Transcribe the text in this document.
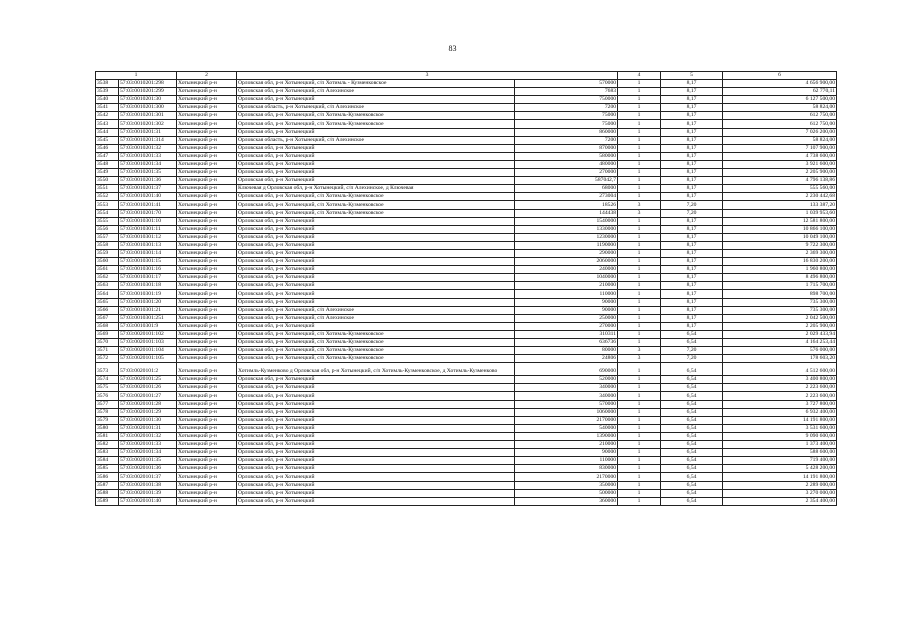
83
1		2	3		4	5	6	
3538	57:03:0010201:298	Хотынецкий р-н	Орловская обл, р-н Хотынецкий, с/п Хотимль - Кузменковское	570000	1	8,17	4 656 900,00	
3539	57:03:0010201:299	Хотынецкий р-н	Орловская обл, р-н Хотынецкий, с/п Алехинское	7683	1	8,17	62 770,11	
3540	57:03:0010201:30	Хотынецкий р-н	Орловская обл, р-н Хотынецкий	750000	1	8,17	6 127 500,00	
3541	57:03:0010201:300	Хотынецкий р-н	Орловская область, р-н Хотынецкий, с/п Алехинское	7200	1	8,17	58 824,00	
3542	57:03:0010201:301	Хотынецкий р-н	Орловская обл, р-н Хотынецкий, с/п Хотимль-Кузменковское	75000	1	8,17	612 750,00	
3543	57:03:0010201:302	Хотынецкий р-н	Орловская обл, р-н Хотынецкий, с/п Хотимль-Кузменковское	75000	1	8,17	612 750,00	
3544	57:03:0010201:31	Хотынецкий р-н	Орловская обл, р-н Хотынецкий	860000	1	8,17	7 026 200,00	
3545	57:03:0010201:314	Хотынецкий р-н	Орловская область, р-н Хотынецкий, с/п Алехинское	7200	1	8,17	58 824,00	
3546	57:03:0010201:32	Хотынецкий р-н	Орловская обл, р-н Хотынецкий	870000	1	8,17	7 107 900,00	
3547	57:03:0010201:33	Хотынецкий р-н	Орловская обл, р-н Хотынецкий	580000	1	8,17	4 738 600,00	
3548	57:03:0010201:34	Хотынецкий р-н	Орловская обл, р-н Хотынецкий	480000	1	8,17	3 921 600,00	
3549	57:03:0010201:35	Хотынецкий р-н	Орловская обл, р-н Хотынецкий	270000	1	8,17	2 205 900,00	
3550	57:03:0010201:36	Хотынецкий р-н	Орловская обл, р-н Хотынецкий	587042,7	1	8,17	4 796 138,86	
3551	57:03:0010201:37	Хотынецкий р-н	Ключевая д Орловская обл, р-н Хотынецкий, с/п Алехинское, д Ключевая	68000	1	8,17	555 560,00	
3552	57:03:0010201:40	Хотынецкий р-н	Орловская обл, р-н Хотынецкий, с/п Хотимль-Кузменковское	273004	1	8,17	2 230 442,68	
3553	57:03:0010201:41	Хотынецкий р-н	Орловская обл, р-н Хотынецкий, с/п Хотимль-Кузменковское	18526	3	7,20	133 387,20	
3554	57:03:0010201:70	Хотынецкий р-н	Орловская обл, р-н Хотынецкий, с/п Хотимль-Кузменковское	144438	3	7,20	1 039 953,60	
3555	57:03:0010301:10	Хотынецкий р-н	Орловская обл, р-н Хотынецкий	1540000	1	8,17	12 581 800,00	
3556	57:03:0010301:11	Хотынецкий р-н	Орловская обл, р-н Хотынецкий	1330000	1	8,17	10 866 100,00	
3557	57:03:0010301:12	Хотынецкий р-н	Орловская обл, р-н Хотынецкий	1230000	1	8,17	10 049 100,00	
3558	57:03:0010301:13	Хотынецкий р-н	Орловская обл, р-н Хотынецкий	1190000	1	8,17	9 722 300,00	
3559	57:03:0010301:14	Хотынецкий р-н	Орловская обл, р-н Хотынецкий	290000	1	8,17	2 369 300,00	
3560	57:03:0010301:15	Хотынецкий р-н	Орловская обл, р-н Хотынецкий	2060000	1	8,17	16 830 200,00	
3561	57:03:0010301:16	Хотынецкий р-н	Орловская обл, р-н Хотынецкий	240000	1	8,17	1 960 800,00	
3562	57:03:0010301:17	Хотынецкий р-н	Орловская обл, р-н Хотынецкий	1040000	1	8,17	8 496 800,00	
3563	57:03:0010301:18	Хотынецкий р-н	Орловская обл, р-н Хотынецкий	210000	1	8,17	1 715 700,00	
3564	57:03:0010301:19	Хотынецкий р-н	Орловская обл, р-н Хотынецкий	110000	1	8,17	898 700,00	
3565	57:03:0010301:20	Хотынецкий р-н	Орловская обл, р-н Хотынецкий	90000	1	8,17	735 300,00	
3566	57:03:0010301:21	Хотынецкий р-н	Орловская обл, р-н Хотынецкий, с/п Алехинское	90000	1	8,17	735 300,00	
3567	57:03:0010301:251	Хотынецкий р-н	Орловская обл, р-н Хотынецкий, с/п Алехинское	250000	1	8,17	2 042 500,00	
3568	57:03:0010301:9	Хотынецкий р-н	Орловская обл, р-н Хотынецкий	270000	1	8,17	2 205 900,00	
3569	57:03:0020101:102	Хотынецкий р-н	Орловская обл, р-н Хотынецкий, с/п Хотимль-Кузменковское	310311	1	6,54	2 029 433,94	
3570	57:03:0020101:103	Хотынецкий р-н	Орловская обл, р-н Хотынецкий, с/п Хотимль-Кузменковское	636736	1	6,54	4 164 253,44	
3571	57:03:0020101:104	Хотынецкий р-н	Орловская обл, р-н Хотынецкий, с/п Хотимль-Кузменковское	80000	3	7,20	576 000,00	
3572	57:03:0020101:105	Хотынецкий р-н	Орловская обл, р-н Хотынецкий, с/п Хотимль-Кузменковское	24806	3	7,20	178 603,20	
3573	57:03:0020101:2	Хотынецкий р-н	Хотимль-Кузменково д Орловская обл, р-н Хотынецкий, с/п Хотимль-Кузменковское, д Хотимль-Кузменково	690000	1	6,54	4 512 600,00	
3574	57:03:0020101:25	Хотынецкий р-н	Орловская обл, р-н Хотынецкий	520000	1	6,54	3 400 800,00	
3575	57:03:0020101:26	Хотынецкий р-н	Орловская обл, р-н Хотынецкий	340000	1	6,54	2 223 600,00	
3576	57:03:0020101:27	Хотынецкий р-н	Орловская обл, р-н Хотынецкий	340000	1	6,54	2 223 600,00	
3577	57:03:0020101:28	Хотынецкий р-н	Орловская обл, р-н Хотынецкий	570000	1	6,54	3 727 800,00	
3578	57:03:0020101:29	Хотынецкий р-н	Орловская обл, р-н Хотынецкий	1060000	1	6,54	6 932 400,00	
3579	57:03:0020101:30	Хотынецкий р-н	Орловская обл, р-н Хотынецкий	2170000	1	6,54	14 191 800,00	
3580	57:03:0020101:31	Хотынецкий р-н	Орловская обл, р-н Хотынецкий	540000	1	6,54	3 531 600,00	
3581	57:03:0020101:32	Хотынецкий р-н	Орловская обл, р-н Хотынецкий	1390000	1	6,54	9 090 600,00	
3582	57:03:0020101:33	Хотынецкий р-н	Орловская обл, р-н Хотынецкий	210000	1	6,54	1 373 400,00	
3583	57:03:0020101:34	Хотынецкий р-н	Орловская обл, р-н Хотынецкий	90000	1	6,54	588 600,00	
3584	57:03:0020101:35	Хотынецкий р-н	Орловская обл, р-н Хотынецкий	110000	1	6,54	719 400,00	
3585	57:03:0020101:36	Хотынецкий р-н	Орловская обл, р-н Хотынецкий	830000	1	6,54	5 428 200,00	
3586	57:03:0020101:37	Хотынецкий р-н	Орловская обл, р-н Хотынецкий	2170000	1	6,54	14 191 800,00	
3587	57:03:0020101:38	Хотынецкий р-н	Орловская обл, р-н Хотынецкий	350000	1	6,54	2 289 000,00	
3588	57:03:0020101:39	Хотынецкий р-н	Орловская обл, р-н Хотынецкий	500000	1	6,54	3 270 000,00	
3589	57:03:0020101:40	Хотынецкий р-н	Орловская обл, р-н Хотынецкий	360000	1	6,54	2 354 400,00	
